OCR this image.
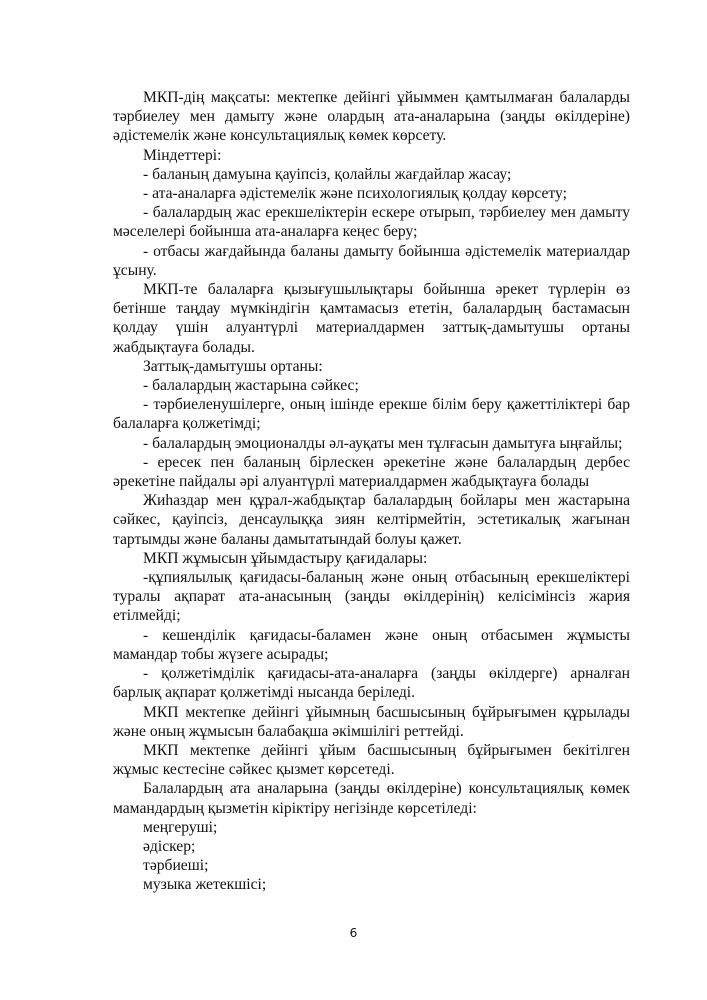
МКП-дің мақсаты: мектепке дейінгі ұйыммен қамтылмаған балаларды тәрбиелеу мен дамыту және олардың ата-аналарына (заңды өкілдеріне) әдістемелік және консультациялық көмек көрсету.

Міндеттері:

- баланың дамуына қауіпсіз, қолайлы жағдайлар жасау;

- ата-аналарға әдістемелік және психологиялық қолдау көрсету;

- балалардың жас ерекшеліктерін ескере отырып, тәрбиелеу мен дамыту мәселелері бойынша ата-аналарға кеңес беру;

- отбасы жағдайында баланы дамыту бойынша әдістемелік материалдар ұсыну.

МКП-те балаларға қызығушылықтары бойынша әрекет түрлерін өз бетінше таңдау мүмкіндігін қамтамасыз ететін, балалардың бастамасын қолдау үшін алуантүрлі материалдармен заттық-дамытушы ортаны жабдықтауға болады.

Заттық-дамытушы ортаны:

- балалардың жастарына сәйкес;

- тәрбиеленушілерге, оның ішінде ерекше білім беру қажеттіліктері бар балаларға қолжетімді;

- балалардың эмоционалды әл-ауқаты мен тұлғасын дамытуға ыңғайлы;

- ересек пен баланың бірлескен әрекетіне және балалардың дербес әрекетіне пайдалы әрі алуантүрлі материалдармен жабдықтауға болады

Жиһаздар мен құрал-жабдықтар балалардың бойлары мен жастарына сәйкес, қауіпсіз, денсаулыққа зиян келтірмейтін, эстетикалық жағынан тартымды және баланы дамытатындай болуы қажет.

МКП жұмысын ұйымдастыру қағидалары:

-құпиялылық қағидасы-баланың және оның отбасының ерекшеліктері туралы ақпарат ата-анасының (заңды өкілдерінің) келісімінсіз жария етілмейді;

- кешенділік қағидасы-баламен және оның отбасымен жұмысты мамандар тобы жүзеге асырады;

- қолжетімділік қағидасы-ата-аналарға (заңды өкілдерге) арналған барлық ақпарат қолжетімді нысанда беріледі.

МКП мектепке дейінгі ұйымның басшысының бұйрығымен құрылады және оның жұмысын балабақша әкімшілігі реттейді.

МКП мектепке дейінгі ұйым басшысының бұйрығымен бекітілген жұмыс кестесіне сәйкес қызмет көрсетеді.

Балалардың ата аналарына (заңды өкілдеріне) консультациялық көмек мамандардың қызметін кіріктіру негізінде көрсетіледі:

меңгеруші;

әдіскер;

тәрбиеші;

музыка жетекшісі;

6
